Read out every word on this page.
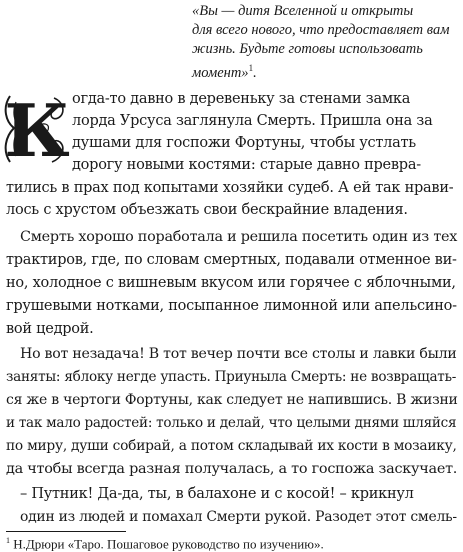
«Вы — дитя Вселенной и открыты
для всего нового, что предоставляет вам
жизнь. Будьте готовы использовать
момент»$^1$.
К огда-то давно в деревеньку за стенами замка
лорда Урсуса заглянула Смерть. Пришла она за
душами для госпожи Фортуны, чтобы устлать
дорогу новыми костями: старые давно превра-
тились в прах под копытами хозяйки судеб. А ей так нрави-
лось с хрустом объезжать свои бескрайние владения.
Смерть хорошо поработала и решила посетить один из тех
трактиров, где, по словам смертных, подавали отменное ви-
но, холодное с вишневым вкусом или горячее с яблочными,
грушевыми нотками, посыпанное лимонной или апельсино-
вой цедрой.
Но вот незадача! В тот вечер почти все столы и лавки были
заняты: яблоку негде упасть. Приуныла Смерть: не возвращать-
ся же в чертоги Фортуны, как следует не напившись. В жизни
и так мало радостей: только и делай, что целыми днями шляйся
по миру, души собирай, а потом складывай их кости в мозаику,
да чтобы всегда разная получалась, а то госпожа заскучает.
– Путник! Да-да, ты, в балахоне и с косой! – крикнул
один из людей и помахал Смерти рукой. Разодет этот смель-
$^1$ Н.Дрюри «Таро. Пошаговое руководство по изучению».
